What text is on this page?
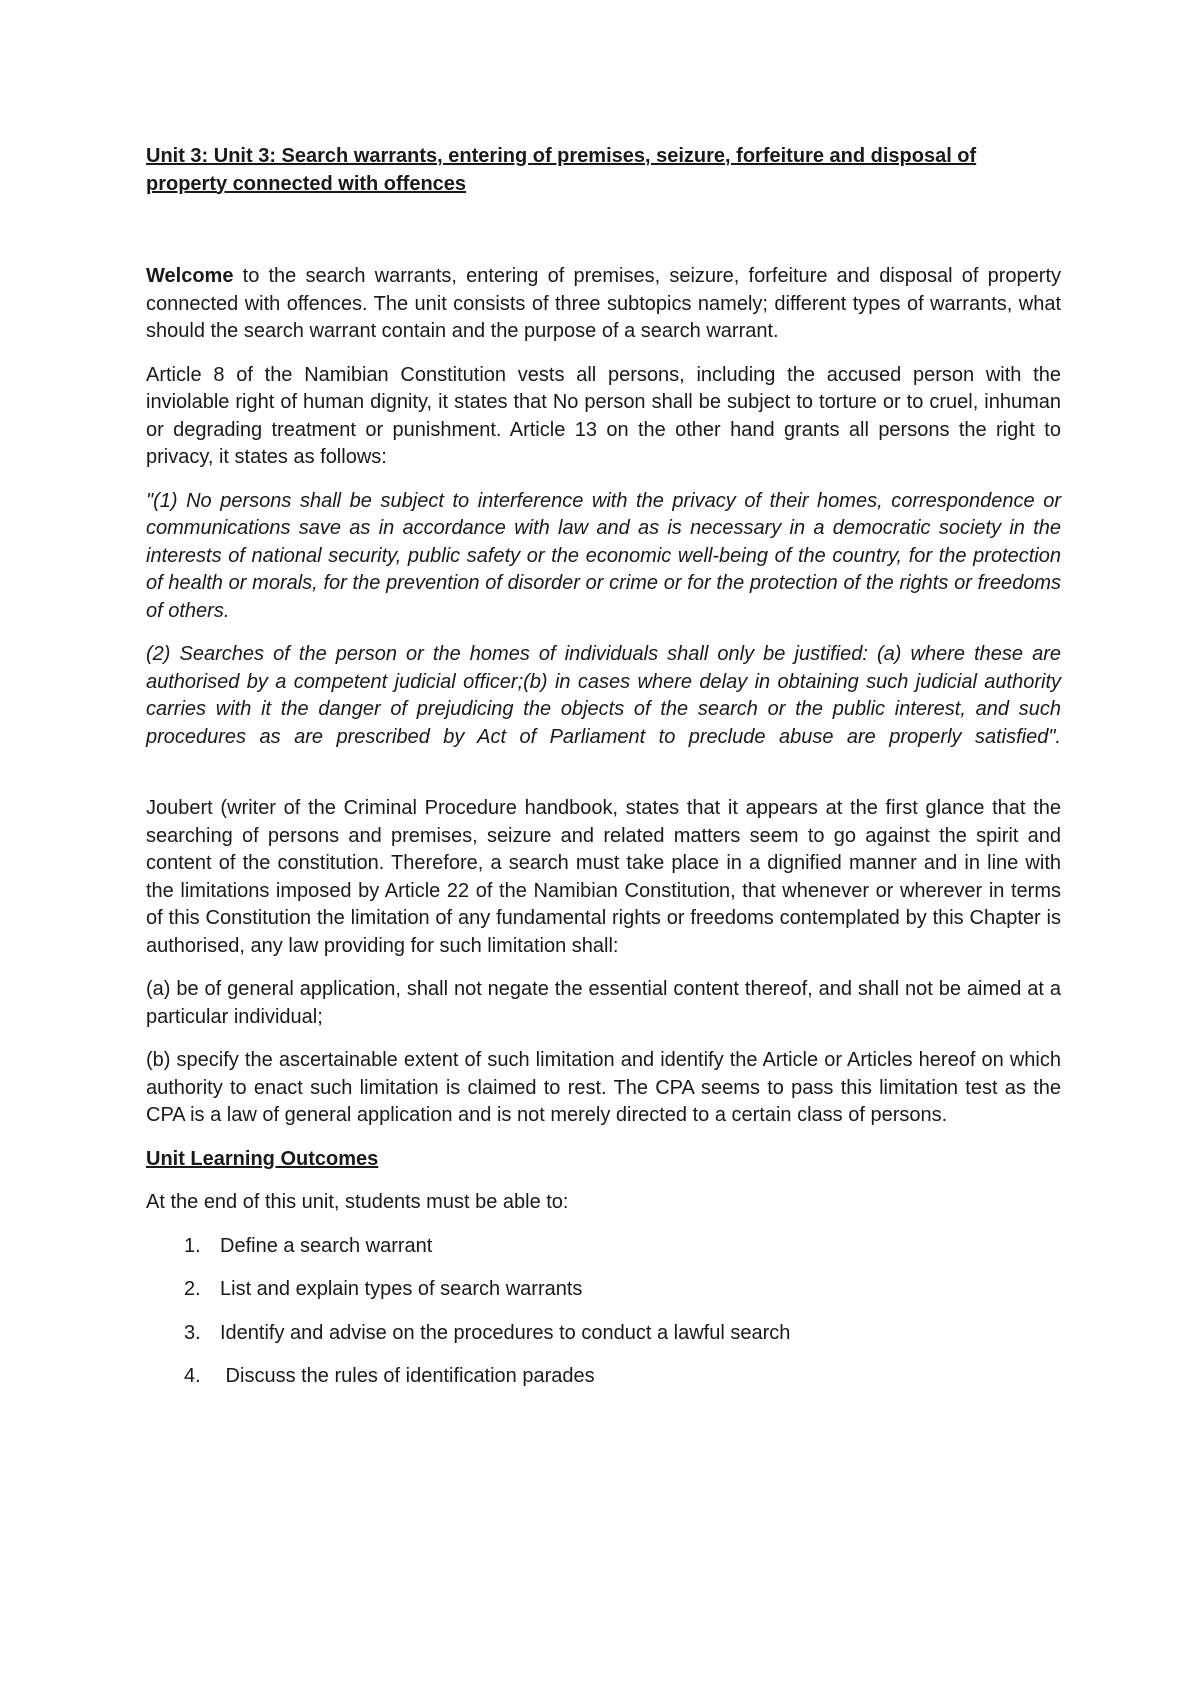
Unit 3: Unit 3: Search warrants, entering of premises, seizure, forfeiture and disposal of property connected with offences

Welcome to the search warrants, entering of premises, seizure, forfeiture and disposal of property connected with offences. The unit consists of three subtopics namely; different types of warrants, what should the search warrant contain and the purpose of a search warrant.

Article 8 of the Namibian Constitution vests all persons, including the accused person with the inviolable right of human dignity, it states that No person shall be subject to torture or to cruel, inhuman or degrading treatment or punishment. Article 13 on the other hand grants all persons the right to privacy, it states as follows:

"(1) No persons shall be subject to interference with the privacy of their homes, correspondence or communications save as in accordance with law and as is necessary in a democratic society in the interests of national security, public safety or the economic well-being of the country, for the protection of health or morals, for the prevention of disorder or crime or for the protection of the rights or freedoms of others.

(2) Searches of the person or the homes of individuals shall only be justified: (a) where these are authorised by a competent judicial officer;(b) in cases where delay in obtaining such judicial authority carries with it the danger of prejudicing the objects of the search or the public interest, and such procedures as are prescribed by Act of Parliament to preclude abuse are properly satisfied".

Joubert (writer of the Criminal Procedure handbook, states that it appears at the first glance that the searching of persons and premises, seizure and related matters seem to go against the spirit and content of the constitution. Therefore, a search must take place in a dignified manner and in line with the limitations imposed by Article 22 of the Namibian Constitution, that whenever or wherever in terms of this Constitution the limitation of any fundamental rights or freedoms contemplated by this Chapter is authorised, any law providing for such limitation shall:

(a) be of general application, shall not negate the essential content thereof, and shall not be aimed at a particular individual;

(b) specify the ascertainable extent of such limitation and identify the Article or Articles hereof on which authority to enact such limitation is claimed to rest. The CPA seems to pass this limitation test as the CPA is a law of general application and is not merely directed to a certain class of persons.

Unit Learning Outcomes

At the end of this unit, students must be able to:

1. Define a search warrant
2. List and explain types of search warrants
3. Identify and advise on the procedures to conduct a lawful search
4. Discuss the rules of identification parades
